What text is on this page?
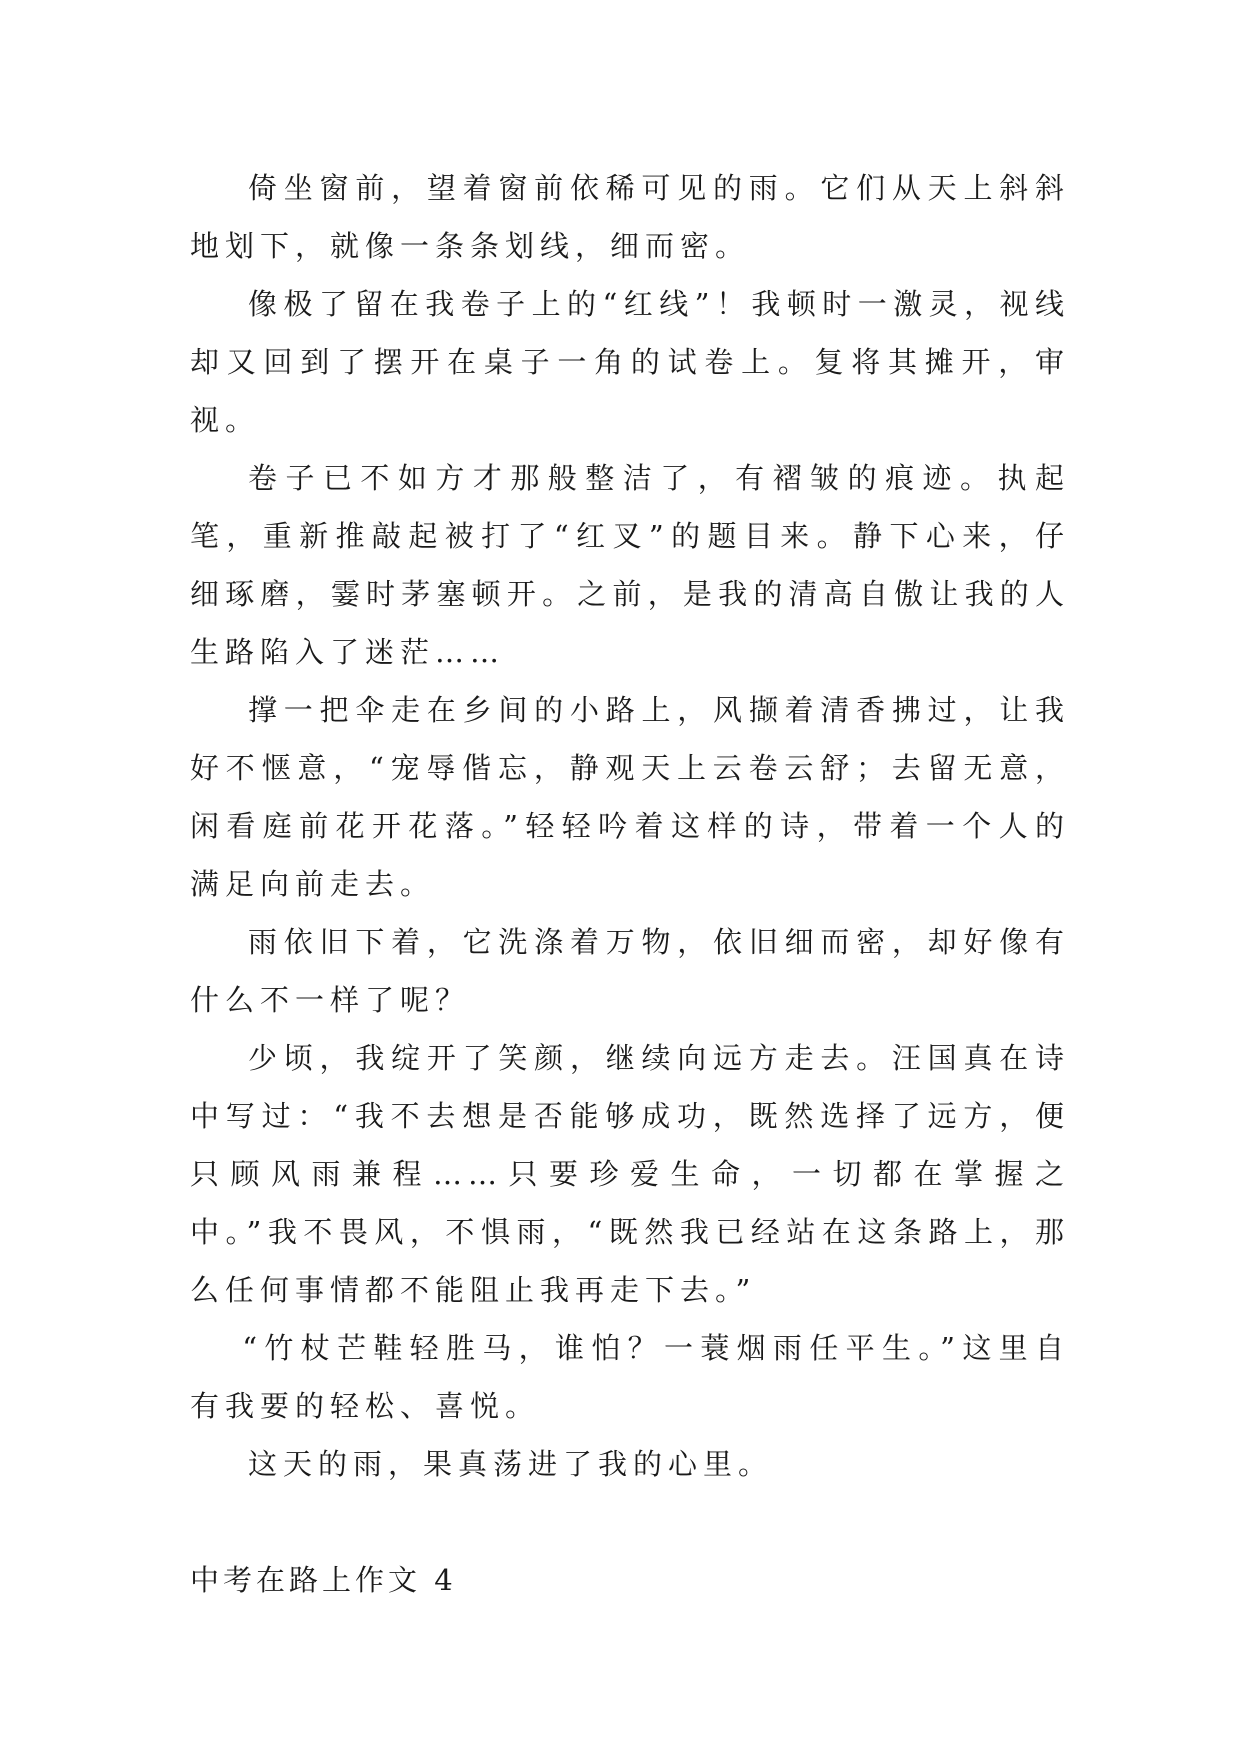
倚坐窗前，望着窗前依稀可见的雨。它们从天上斜斜地划下，就像一条条划线，细而密。

像极了留在我卷子上的“红线”！我顿时一激灵，视线却又回到了摆开在桌子一角的试卷上。复将其摊开，审视。

卷子已不如方才那般整洁了，有褶皱的痕迹。执起笔，重新推敲起被打了“红叉”的题目来。静下心来，仔细琢磨，霎时茅塞顿开。之前，是我的清高自傲让我的人生路陷入了迷茫……

撑一把伞走在乡间的小路上，风撷着清香拂过，让我好不惬意，“宠辱偕忘，静观天上云卷云舒；去留无意，闲看庭前花开花落。”轻轻吟着这样的诗，带着一个人的满足向前走去。

雨依旧下着，它洗涤着万物，依旧细而密，却好像有什么不一样了呢？

少顷，我绽开了笑颜，继续向远方走去。汪国真在诗中写过：“我不去想是否能够成功，既然选择了远方，便只顾风雨兼程……只要珍爱生命，一切都在掌握之中。”我不畏风，不惧雨，“既然我已经站在这条路上，那么任何事情都不能阻止我再走下去。”

“竹杖芒鞋轻胜马，谁怕？一蓑烟雨任平生。”这里自有我要的轻松、喜悦。

这天的雨，果真荡进了我的心里。

中考在路上作文 4
